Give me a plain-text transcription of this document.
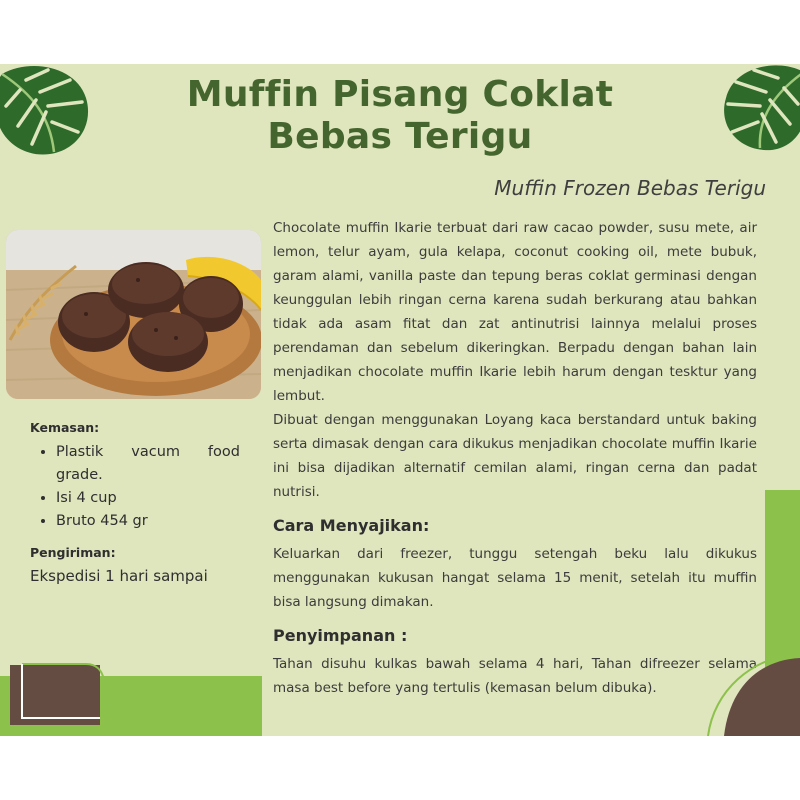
Muffin Pisang Coklat
Bebas Terigu
Muffin Frozen Bebas Terigu

Kemasan:

• Plastik vacum food grade.
• Isi 4 cup
• Bruto 454 gr

Pengiriman:

Ekspedisi 1 hari sampai

Chocolate muffin Ikarie terbuat dari raw cacao powder, susu mete, air lemon, telur ayam, gula kelapa, coconut cooking oil, mete bubuk, garam alami, vanilla paste dan tepung beras coklat germinasi dengan keunggulan lebih ringan cerna karena sudah berkurang atau bahkan tidak ada asam fitat dan zat antinutrisi lainnya melalui proses perendaman dan sebelum dikeringkan. Berpadu dengan bahan lain menjadikan chocolate muffin Ikarie lebih harum dengan tesktur yang lembut.

Dibuat dengan menggunakan Loyang kaca berstandard untuk baking serta dimasak dengan cara dikukus menjadikan chocolate muffin Ikarie ini bisa dijadikan alternatif cemilan alami, ringan cerna dan padat nutrisi.

Cara Menyajikan:

Keluarkan dari freezer, tunggu setengah beku lalu dikukus menggunakan kukusan hangat selama 15 menit, setelah itu muffin bisa langsung dimakan.

Penyimpanan :

Tahan disuhu kulkas bawah selama 4 hari, Tahan difreezer selama masa best before yang tertulis (kemasan belum dibuka).
